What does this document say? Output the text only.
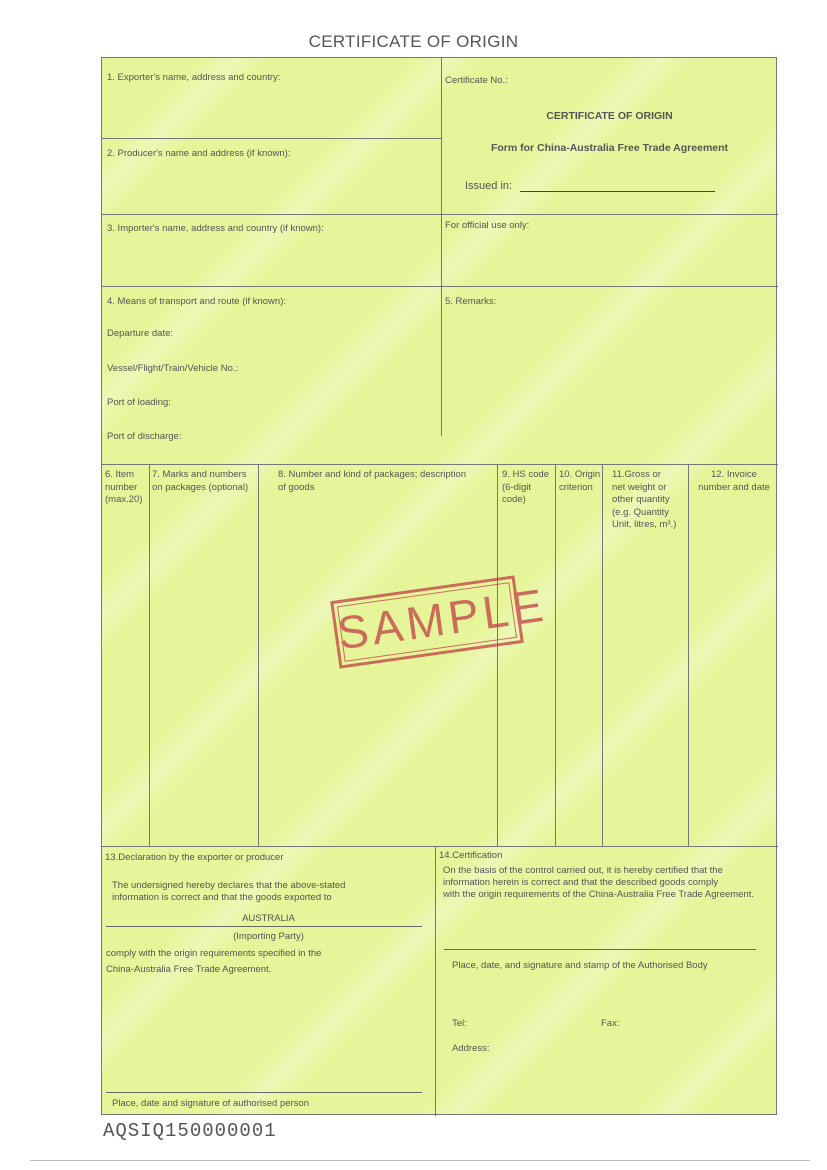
CERTIFICATE OF ORIGIN
1. Exporter's name, address and country:
2. Producer's name and address (if known):
3. Importer's name, address and country (if known):
4. Means of transport and route (if known):
Departure date:
Vessel/Flight/Train/Vehicle No.:
Port of loading:
Port of discharge:
Certificate No.:
CERTIFICATE OF ORIGIN
Form for China-Australia Free Trade Agreement
Issued in:
For official use only:
5. Remarks:
6. Item
number
(max.20)
7. Marks and numbers
on packages (optional)
8. Number and kind of packages; description
of goods
9. HS code
(6-digit
code)
10. Origin
criterion
11.Gross or
net weight or
other quantity
(e.g. Quantity
Unit, litres, m³.)
12. Invoice
number and date
SAMPLE
13.Declaration by the exporter or producer
The undersigned hereby declares that the above-stated
information is correct and that the goods exported to
AUSTRALIA
(Importing Party)
comply with the origin requirements specified in the
China-Australia Free Trade Agreement.
Place, date and signature of authorised person
14.Certification
On the basis of the control carried out, it is hereby certified that the
information herein is correct and that the described goods comply
with the origin requirements of the China-Australia Free Trade Agreement.
Place, date, and signature and stamp of the Authorised Body
Tel:	Fax:
Address:
AQSIQ150000001
